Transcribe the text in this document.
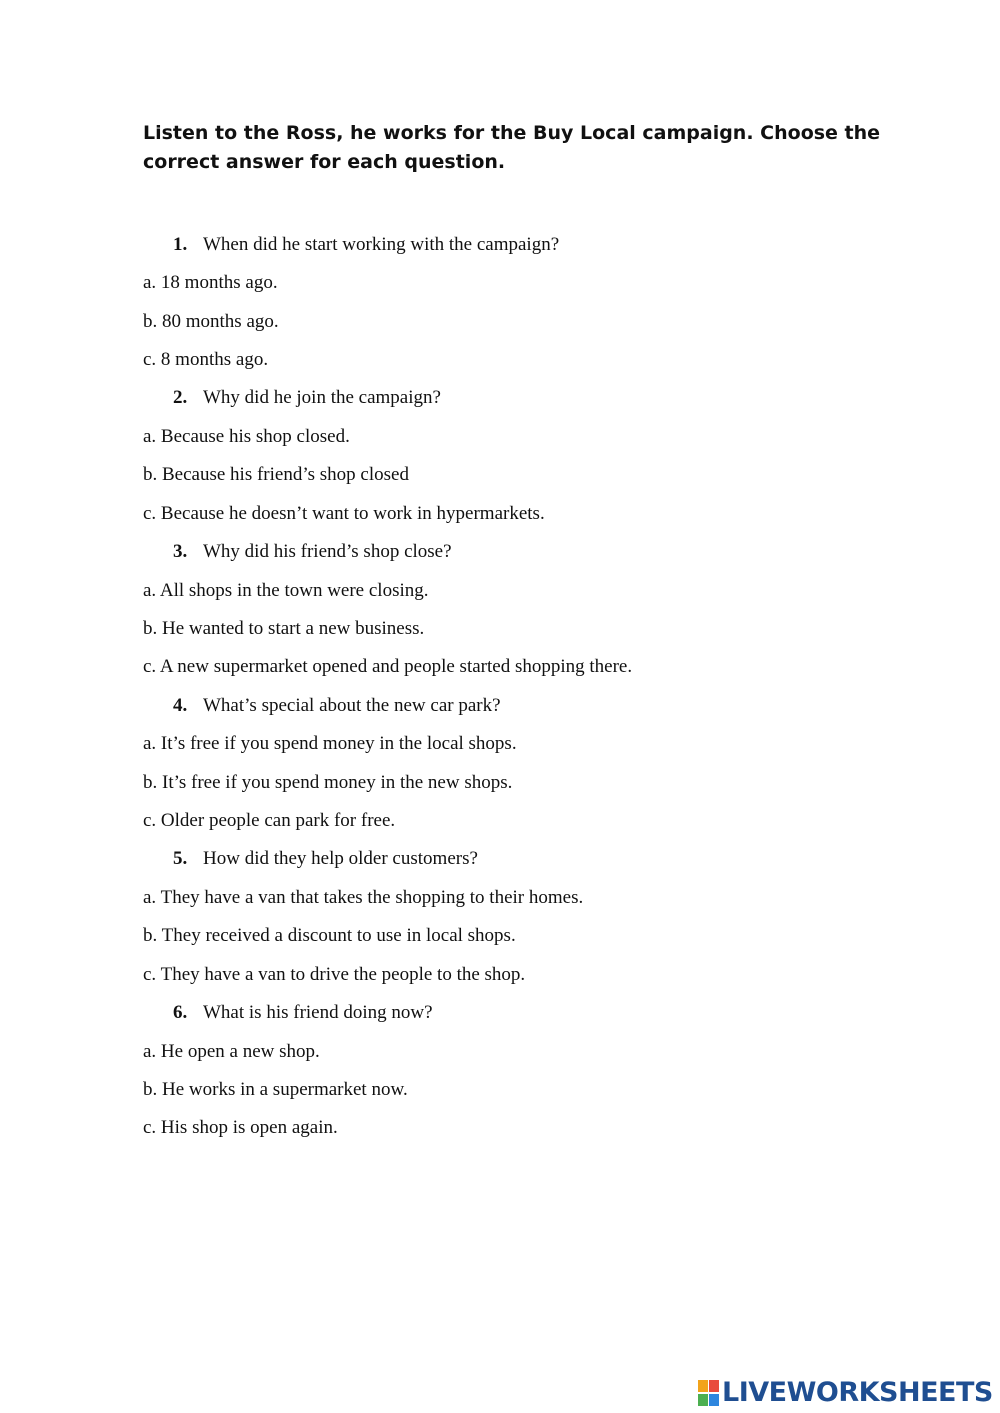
Listen to the Ross, he works for the Buy Local campaign. Choose the correct answer for each question.

1. When did he start working with the campaign?
a. 18 months ago.
b. 80 months ago.
c. 8 months ago.
2. Why did he join the campaign?
a. Because his shop closed.
b. Because his friend’s shop closed
c. Because he doesn’t want to work in hypermarkets.
3. Why did his friend’s shop close?
a. All shops in the town were closing.
b. He wanted to start a new business.
c. A new supermarket opened and people started shopping there.
4. What’s special about the new car park?
a. It’s free if you spend money in the local shops.
b. It’s free if you spend money in the new shops.
c. Older people can park for free.
5. How did they help older customers?
a. They have a van that takes the shopping to their homes.
b. They received a discount to use in local shops.
c. They have a van to drive the people to the shop.
6. What is his friend doing now?
a. He open a new shop.
b. He works in a supermarket now.
c. His shop is open again.
LIVEWORKSHEETS
